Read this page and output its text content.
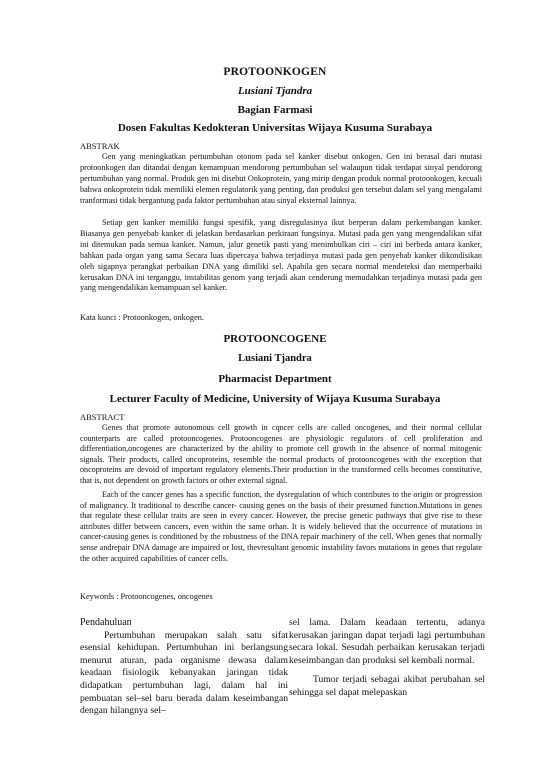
PROTOONKOGEN

Lusiani Tjandra

Bagian Farmasi

Dosen Fakultas Kedokteran Universitas Wijaya Kusuma Surabaya

ABSTRAK

Gen yang meningkatkan pertumbuhan otonom pada sel kanker disebut onkogen. Gen ini berasal dari mutasi protoonkogen dan ditandai dengan kemampuan mendorong pertumbuhan sel walaupun tidak terdapat sinyal pendorong pertumbuhan yang normal. Produk gen ini disebut Onkoprotein, yang mirip dengan produk normal protoonkogen, kecuali bahwa onkoprotein tidak memiliki elemen regulatorik yang penting, dan produksi gen tersebut dalam sel yang mengalami tranformasi tidak bergantung pada faktor pertumbuhan atau sinyal eksternal lainnya.

Setiap gen kanker memiliki fungsi spesifik, yang disregulasinya ikut berperan dalam perkembangan kanker. Biasanya gen penyebab kanker di jelaskan berdasarkan perkiraan fungsinya. Mutasi pada gen yang mengendalikan sifat ini ditemukan pada semua kanker. Namun, jalur genetik pasti yang menimbulkan ciri – ciri ini berbeda antara kanker, bahkan pada organ yang sama Secara luas dipercaya bahwa terjadinya mutasi pada gen penyebab kanker dikondisikan oleh sigapnya perangkat perbaikan DNA yang dimiliki sel. Apabila gen secara normal mendeteksi dan memperbaiki kerusakan DNA ini terganggu, instabilitas genom yang terjadi akan cenderung memudahkan terjadinya mutasi pada gen yang mengendalikan kemampuan sel kanker.

Kata kunci : Protoonkogen, onkogen.

PROTOONCOGENE

Lusiani Tjandra

Pharmacist Department

Lecturer Faculty of Medicine, University of Wijaya Kusuma Surabaya

ABSTRACT

Genes that promote autonomous cell growth in cqncer cells are called oncogenes, and their normal cellular counterparts are called protooncogenes. Protooncogenes are physiologic regulators of cell proliferation and differentiation,oncogenes are characterized by the ability to promote cell growth in the absence of normal mitogenic signals. Their products, called oncoproteins, resemble the normal products of protooncogenes with the exception that oncoproteins are devoid of important regulatory elements.Their production in the transformed cells becomes constitutive, that is, not dependent on growth factors or other external signal.

Each of the cancer genes has a specific function, the dysregulation of which contributes to the origin or progression of malignancy. It traditional to describe cancer- causing genes on the basis of their presumed function.Mutations in genes that regulate these cellular traits are seen in every cancer. However, the precise genetic pathways that give rise to these attributes differ between cancers, even within the same orhan. It is widely believed that the occurrence of mutations in cancer-causing genes is conditioned by the robustness of the DNA repair machinery of the cell. When genes that normally sense andrepair DNA damage are impaired or lost, thevresultant genomic instability favors mutations in genes that regulate the other acquired capabilities of cancer cells.

Keywords : Protooncogenes, oncogenes

Pendahuluan

Pertumbuhan merupakan salah satu sifat esensial kehidupan. Pertumbuhan ini berlangsung menurut aturan, pada organisme dewasa dalam keadaan fisiologik kebanyakan jaringan tidak didapatkan pertumbuhan lagi, dalam hal ini pembuatan sel–sel baru berada dalam keseimbangan dengan hilangnya sel–

sel lama. Dalam keadaan tertentu, adanya kerusakan jaringan dapat terjadi lagi pertumbuhan secara lokal. Sesudah perbaikan kerusakan terjadi keseimbangan dan produksi sel kembali normal.

Tumor terjadi sebagai akibat perubahan sel sehingga sel dapat melepaskan
